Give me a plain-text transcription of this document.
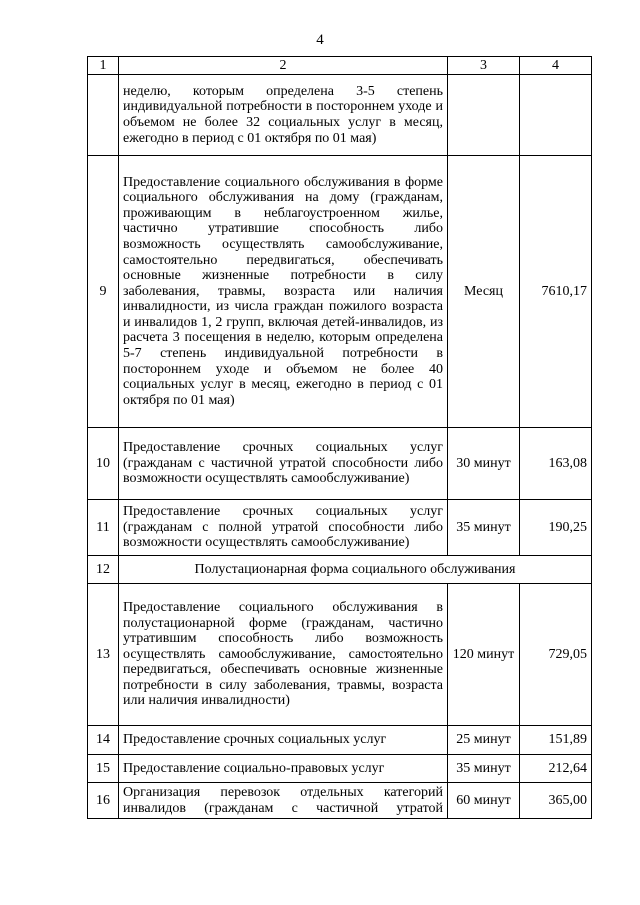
4
1	2	3	4
	неделю, которым определена 3-5 степень индивидуальной потребности в постороннем уходе и объемом не более 32 социальных услуг в месяц, ежегодно в период с 01 октября по 01 мая)		
9	Предоставление социального обслуживания в форме социального обслуживания на дому (гражданам, проживающим в неблагоустроенном жилье, частично утратившие способность либо возможность осуществлять самообслуживание, самостоятельно передвигаться, обеспечивать основные жизненные потребности в силу заболевания, травмы, возраста или наличия инвалидности, из числа граждан пожилого возраста и инвалидов 1, 2 групп, включая детей-инвалидов, из расчета 3 посещения в неделю, которым определена 5-7 степень индивидуальной потребности в постороннем уходе и объемом не более 40 социальных услуг в месяц, ежегодно в период с 01 октября по 01 мая)	Месяц	7610,17
10	Предоставление срочных социальных услуг (гражданам с частичной утратой способности либо возможности осуществлять самообслуживание)	30 минут	163,08
11	Предоставление срочных социальных услуг (гражданам с полной утратой способности либо возможности осуществлять самообслуживание)	35 минут	190,25
12	Полустационарная форма социального обслуживания		
13	Предоставление социального обслуживания в полустационарной форме (гражданам, частично утратившим способность либо возможность осуществлять самообслуживание, самостоятельно передвигаться, обеспечивать основные жизненные потребности в силу заболевания, травмы, возраста или наличия инвалидности)	120 минут	729,05
14	Предоставление срочных социальных услуг	25 минут	151,89
15	Предоставление социально-правовых услуг	35 минут	212,64
16	Организация перевозок отдельных категорий инвалидов (гражданам с частичной утратой	60 минут	365,00
